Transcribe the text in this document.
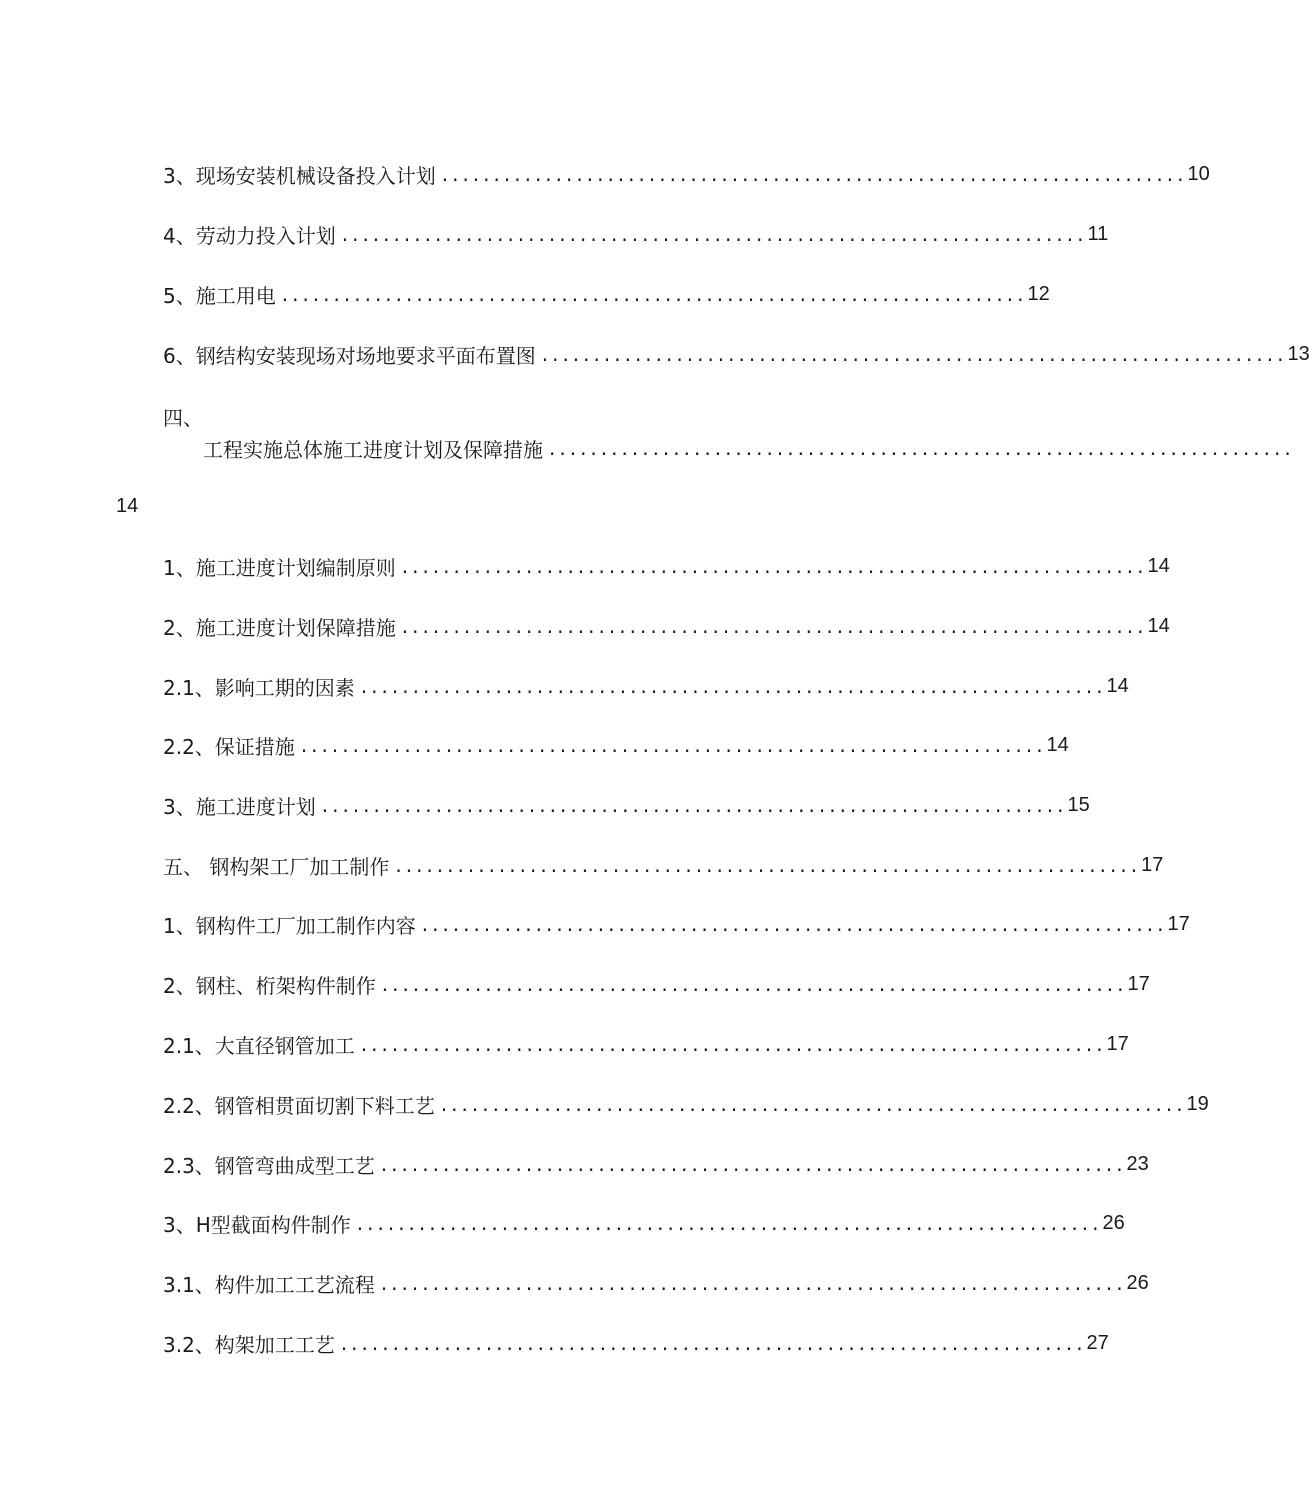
3、现场安装机械设备投入计划 ........................................................................ 10
4、劳动力投入计划 ........................................................................ 11
5、施工用电 ........................................................................ 12
6、钢结构安装现场对场地要求平面布置图 ........................................................................ 13
四、
工程实施总体施工进度计划及保障措施 ........................................................................
14
1、施工进度计划编制原则 ........................................................................ 14
2、施工进度计划保障措施 ........................................................................ 14
2.1、影响工期的因素 ........................................................................ 14
2.2、保证措施 ........................................................................ 14
3、施工进度计划 ........................................................................ 15
五、 钢构架工厂加工制作 ........................................................................ 17
1、钢构件工厂加工制作内容 ........................................................................ 17
2、钢柱、桁架构件制作 ........................................................................ 17
2.1、大直径钢管加工 ........................................................................ 17
2.2、钢管相贯面切割下料工艺 ........................................................................ 19
2.3、钢管弯曲成型工艺 ........................................................................ 23
3、H型截面构件制作 ........................................................................ 26
3.1、构件加工工艺流程 ........................................................................ 26
3.2、构架加工工艺 ........................................................................ 27
